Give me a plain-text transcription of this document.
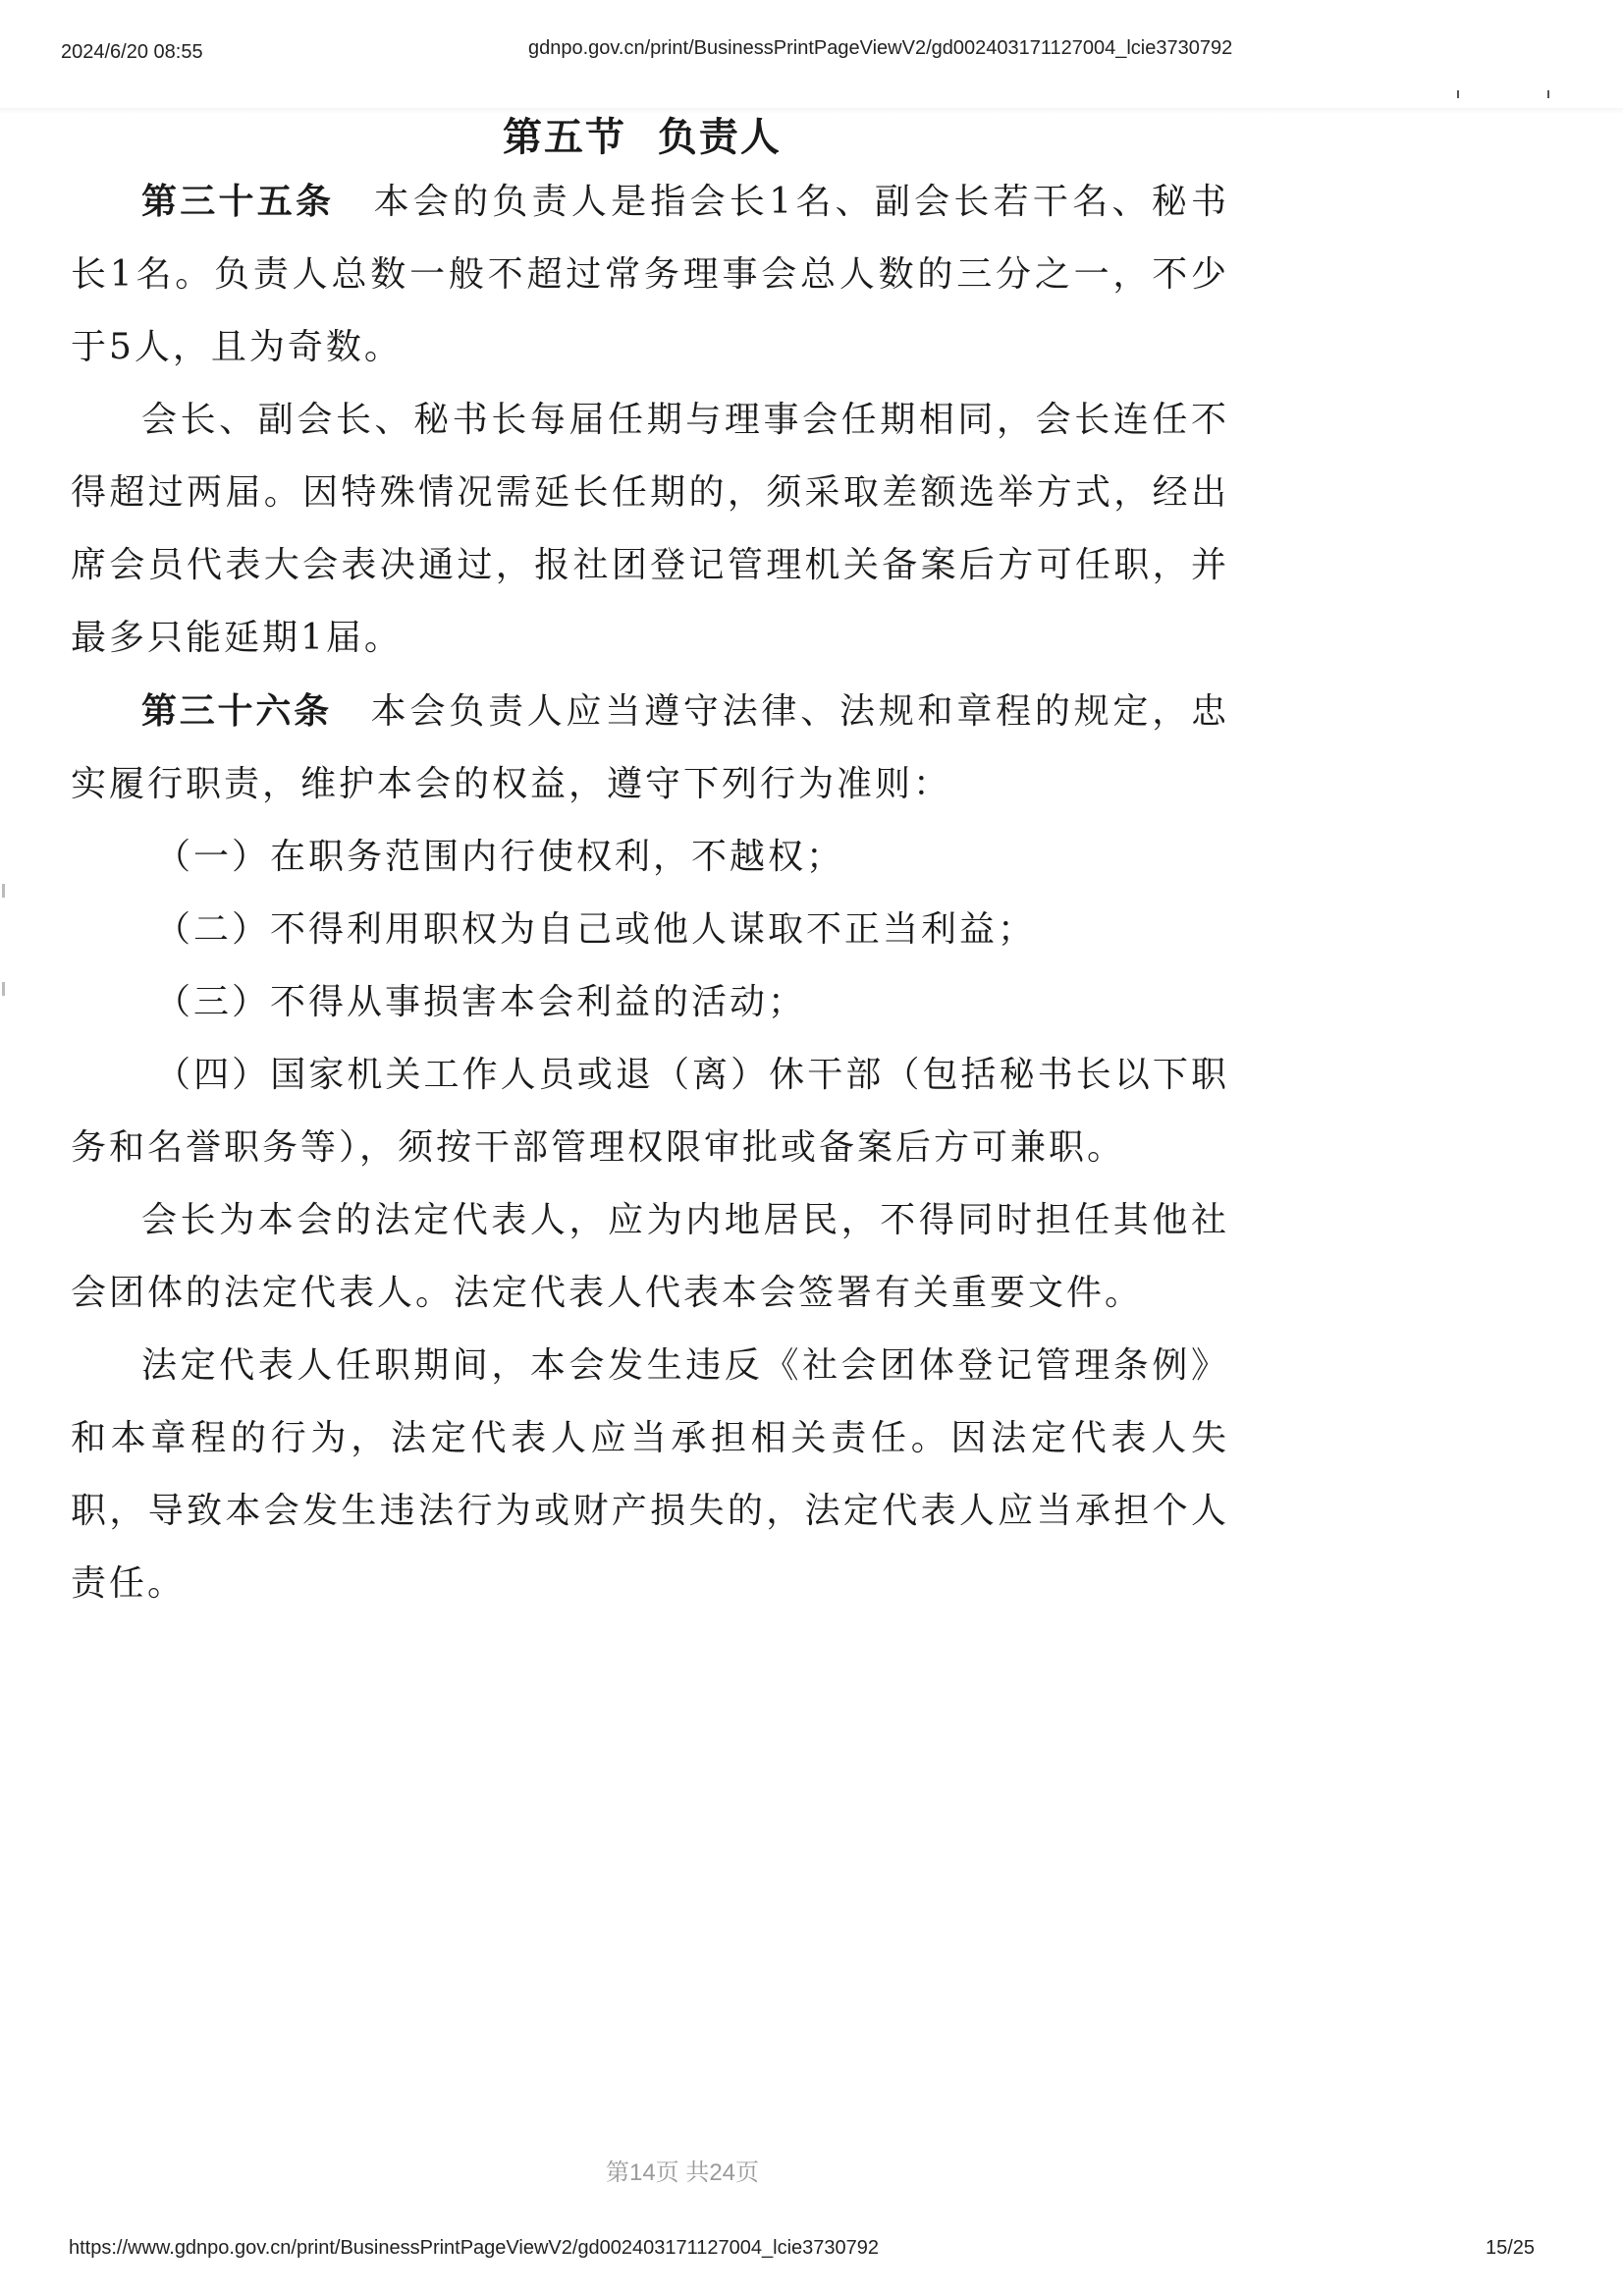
2024/6/20 08:55	gdnpo.gov.cn/print/BusinessPrintPageViewV2/gd002403171127004_lcie3730792

第五节  负责人

第三十五条  本会的负责人是指会长1名、副会长若干名、秘书长1名。负责人总数一般不超过常务理事会总人数的三分之一，不少于5人，且为奇数。

会长、副会长、秘书长每届任期与理事会任期相同，会长连任不得超过两届。因特殊情况需延长任期的，须采取差额选举方式，经出席会员代表大会表决通过，报社团登记管理机关备案后方可任职，并最多只能延期1届。

第三十六条  本会负责人应当遵守法律、法规和章程的规定，忠实履行职责，维护本会的权益，遵守下列行为准则：

（一）在职务范围内行使权利，不越权；

（二）不得利用职权为自己或他人谋取不正当利益；

（三）不得从事损害本会利益的活动；

（四）国家机关工作人员或退（离）休干部（包括秘书长以下职务和名誉职务等），须按干部管理权限审批或备案后方可兼职。

会长为本会的法定代表人，应为内地居民，不得同时担任其他社会团体的法定代表人。法定代表人代表本会签署有关重要文件。

法定代表人任职期间，本会发生违反《社会团体登记管理条例》和本章程的行为，法定代表人应当承担相关责任。因法定代表人失职，导致本会发生违法行为或财产损失的，法定代表人应当承担个人责任。

第14页 共24页

https://www.gdnpo.gov.cn/print/BusinessPrintPageViewV2/gd002403171127004_lcie3730792	15/25
